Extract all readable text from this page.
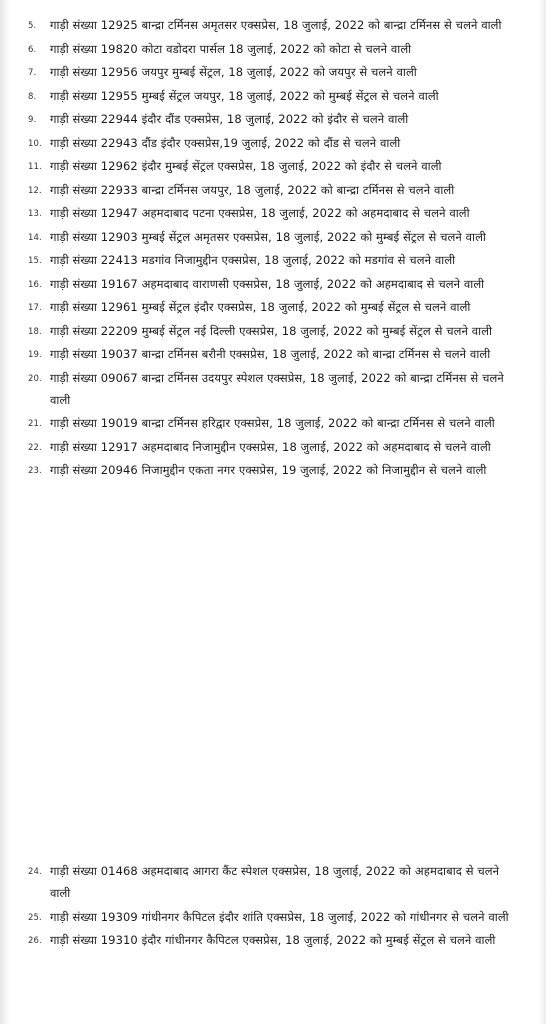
5. गाड़ी संख्या 12925 बान्द्रा टर्मिनस अमृतसर एक्सप्रेस, 18 जुलाई, 2022 को बान्द्रा टर्मिनस से चलने वाली
6. गाड़ी संख्या 19820 कोटा वडोदरा पार्सल 18 जुलाई, 2022 को कोटा से चलने वाली
7. गाड़ी संख्या 12956 जयपुर मुम्बई सेंट्रल, 18 जुलाई, 2022 को जयपुर से चलने वाली
8. गाड़ी संख्या 12955 मुम्बई सेंट्रल जयपुर, 18 जुलाई, 2022 को मुम्बई सेंट्रल से चलने वाली
9. गाड़ी संख्या 22944 इंदौर दौंड एक्सप्रेस, 18 जुलाई, 2022 को इंदौर से चलने वाली
10. गाड़ी संख्या 22943 दौंड इंदौर एक्सप्रेस,19 जुलाई, 2022 को दौंड से चलने वाली
11. गाड़ी संख्या 12962 इंदौर मुम्बई सेंट्रल एक्सप्रेस, 18 जुलाई, 2022 को इंदौर से चलने वाली
12. गाड़ी संख्या 22933 बान्द्रा टर्मिनस जयपुर, 18 जुलाई, 2022 को बान्द्रा टर्मिनस से चलने वाली
13. गाड़ी संख्या 12947 अहमदाबाद पटना एक्सप्रेस, 18 जुलाई, 2022 को अहमदाबाद से चलने वाली
14. गाड़ी संख्या 12903 मुम्बई सेंट्रल अमृतसर एक्सप्रेस, 18 जुलाई, 2022 को मुम्बई सेंट्रल से चलने वाली
15. गाड़ी संख्या 22413 मडगांव निजामुद्दीन एक्सप्रेस, 18 जुलाई, 2022 को मडगांव से चलने वाली
16. गाड़ी संख्या 19167 अहमदाबाद वाराणसी एक्सप्रेस, 18 जुलाई, 2022 को अहमदाबाद से चलने वाली
17. गाड़ी संख्या 12961 मुम्बई सेंट्रल इंदौर एक्सप्रेस, 18 जुलाई, 2022 को मुम्बई सेंट्रल से चलने वाली
18. गाड़ी संख्या 22209 मुम्बई सेंट्रल नई दिल्ली एक्सप्रेस, 18 जुलाई, 2022 को मुम्बई सेंट्रल से चलने वाली
19. गाड़ी संख्या 19037 बान्द्रा टर्मिनस बरौनी एक्सप्रेस, 18 जुलाई, 2022 को बान्द्रा टर्मिनस से चलने वाली
20. गाड़ी संख्या 09067 बान्द्रा टर्मिनस उदयपुर स्पेशल एक्सप्रेस, 18 जुलाई, 2022 को बान्द्रा टर्मिनस से चलने वाली
21. गाड़ी संख्या 19019 बान्द्रा टर्मिनस हरिद्वार एक्सप्रेस, 18 जुलाई, 2022 को बान्द्रा टर्मिनस से चलने वाली
22. गाड़ी संख्या 12917 अहमदाबाद निजामुद्दीन एक्सप्रेस, 18 जुलाई, 2022 को अहमदाबाद से चलने वाली
23. गाड़ी संख्या 20946 निजामुद्दीन एकता नगर एक्सप्रेस, 19 जुलाई, 2022 को निजामुद्दीन से चलने वाली
24. गाड़ी संख्या 01468 अहमदाबाद आगरा कैंट स्पेशल एक्सप्रेस, 18 जुलाई, 2022 को अहमदाबाद से चलने वाली
25. गाड़ी संख्या 19309 गांधीनगर कैपिटल इंदौर शांति एक्सप्रेस, 18 जुलाई, 2022 को गांधीनगर से चलने वाली
26. गाड़ी संख्या 19310 इंदौर गांधीनगर कैपिटल एक्सप्रेस, 18 जुलाई, 2022 को मुम्बई सेंट्रल से चलने वाली
